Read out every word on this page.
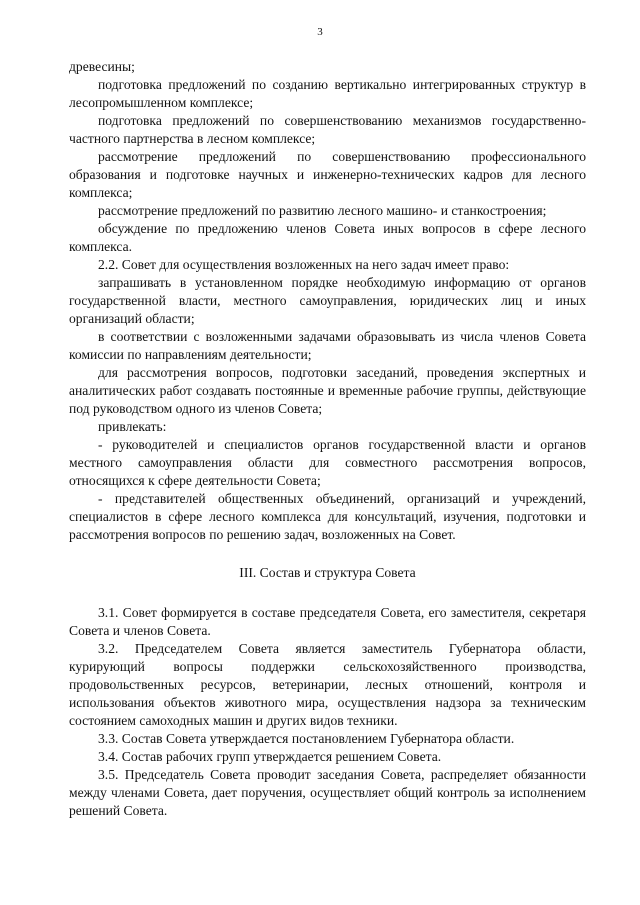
3

древесины;

подготовка предложений по созданию вертикально интегрированных структур в лесопромышленном комплексе;

подготовка предложений по совершенствованию механизмов государственно-частного партнерства в лесном комплексе;

рассмотрение предложений по совершенствованию профессионального образования и подготовке научных и инженерно-технических кадров для лесного комплекса;

рассмотрение предложений по развитию лесного машино- и станкостроения;

обсуждение по предложению членов Совета иных вопросов в сфере лесного комплекса.

2.2. Совет для осуществления возложенных на него задач имеет право:

запрашивать в установленном порядке необходимую информацию от органов государственной власти, местного самоуправления, юридических лиц и иных организаций области;

в соответствии с возложенными задачами образовывать из числа членов Совета комиссии по направлениям деятельности;

для рассмотрения вопросов, подготовки заседаний, проведения экспертных и аналитических работ создавать постоянные и временные рабочие группы, действующие под руководством одного из членов Совета;

привлекать:

- руководителей и специалистов органов государственной власти и органов местного самоуправления области для совместного рассмотрения вопросов, относящихся к сфере деятельности Совета;

- представителей общественных объединений, организаций и учреждений, специалистов в сфере лесного комплекса для консультаций, изучения, подготовки и рассмотрения вопросов по решению задач, возложенных на Совет.

III. Состав и структура Совета

3.1. Совет формируется в составе председателя Совета, его заместителя, секретаря Совета и членов Совета.

3.2. Председателем Совета является заместитель Губернатора области, курирующий вопросы поддержки сельскохозяйственного производства, продовольственных ресурсов, ветеринарии, лесных отношений, контроля и использования объектов животного мира, осуществления надзора за техническим состоянием самоходных машин и других видов техники.

3.3. Состав Совета утверждается постановлением Губернатора области.

3.4. Состав рабочих групп утверждается решением Совета.

3.5. Председатель Совета проводит заседания Совета, распределяет обязанности между членами Совета, дает поручения, осуществляет общий контроль за исполнением решений Совета.
